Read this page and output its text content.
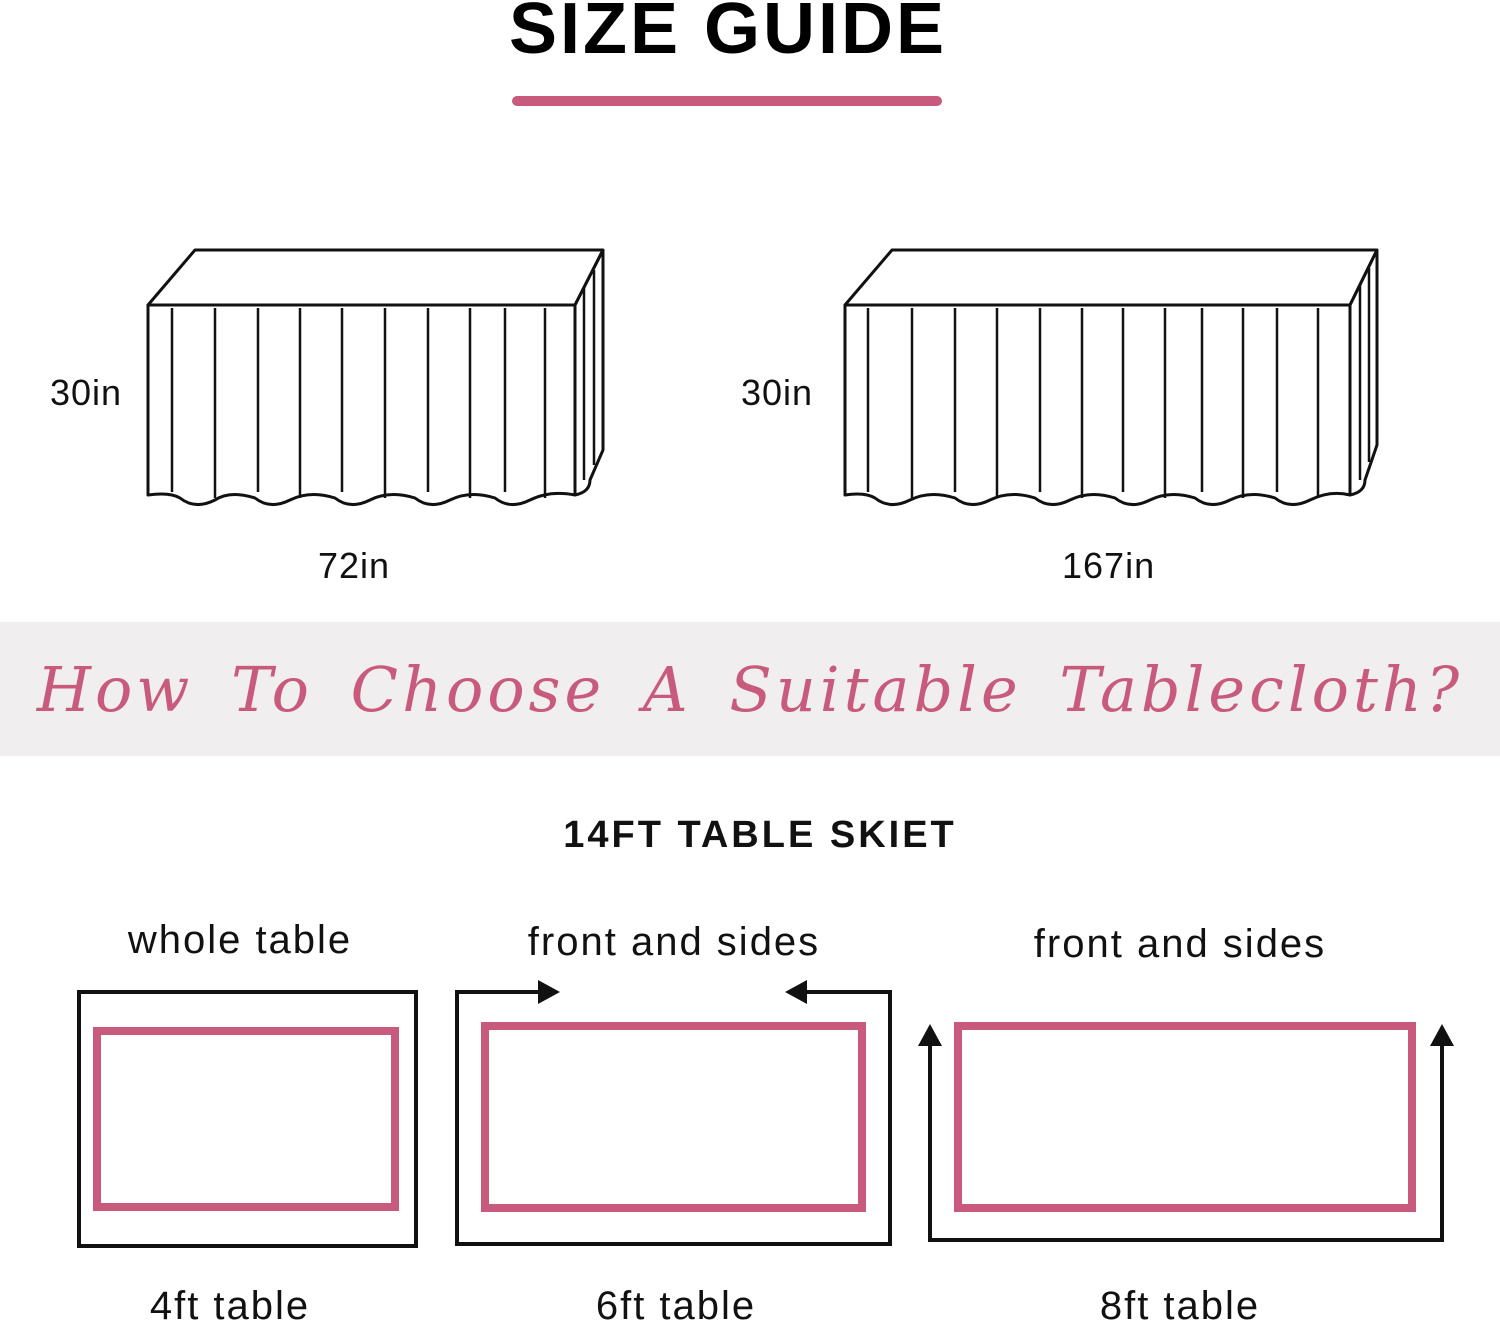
SIZE GUIDE
30in
72in
30in
167in
How To Choose A Suitable Tablecloth?
14FT TABLE SKIET
whole table	front and sides	front and sides
4ft table	6ft table	8ft table
